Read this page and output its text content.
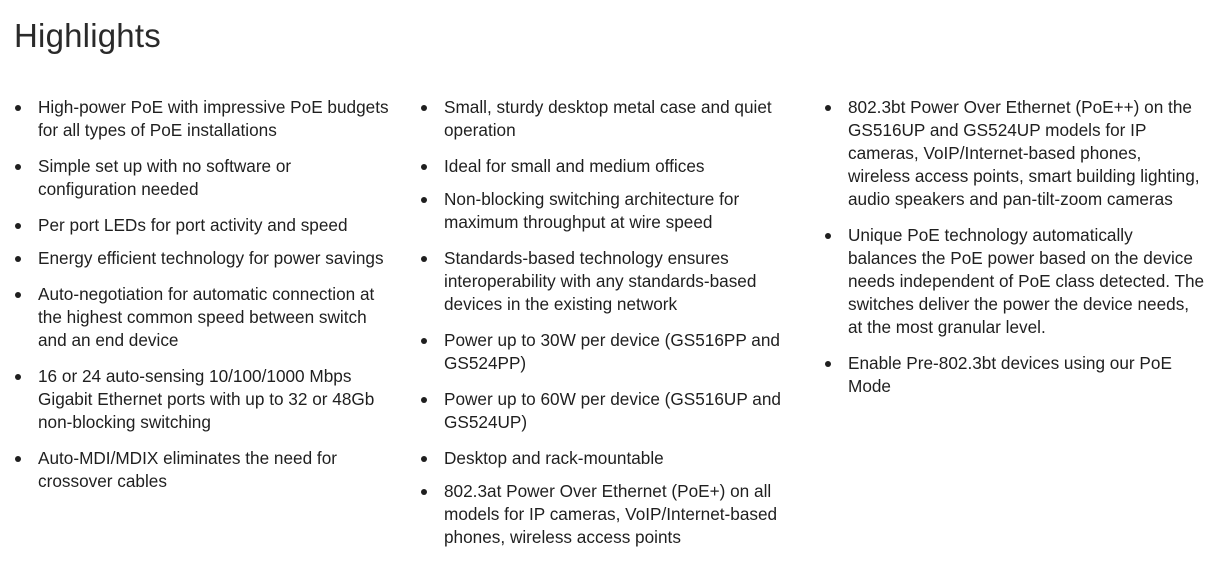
Highlights
High-power PoE with impressive PoE budgets for all types of PoE installations
Simple set up with no software or configuration needed
Per port LEDs for port activity and speed
Energy efficient technology for power savings
Auto-negotiation for automatic connection at the highest common speed between switch and an end device
16 or 24 auto-sensing 10/100/1000 Mbps Gigabit Ethernet ports with up to 32 or 48Gb non-blocking switching
Auto-MDI/MDIX eliminates the need for crossover cables
Small, sturdy desktop metal case and quiet operation
Ideal for small and medium offices
Non-blocking switching architecture for maximum throughput at wire speed
Standards-based technology ensures interoperability with any standards-based devices in the existing network
Power up to 30W per device (GS516PP and GS524PP)
Power up to 60W per device (GS516UP and GS524UP)
Desktop and rack-mountable
802.3at Power Over Ethernet (PoE+) on all models for IP cameras, VoIP/Internet-based phones, wireless access points
802.3bt Power Over Ethernet (PoE++) on the GS516UP and GS524UP models for IP cameras, VoIP/Internet-based phones, wireless access points, smart building lighting, audio speakers and pan-tilt-zoom cameras
Unique PoE technology automatically balances the PoE power based on the device needs independent of PoE class detected. The switches deliver the power the device needs, at the most granular level.
Enable Pre-802.3bt devices using our PoE Mode
